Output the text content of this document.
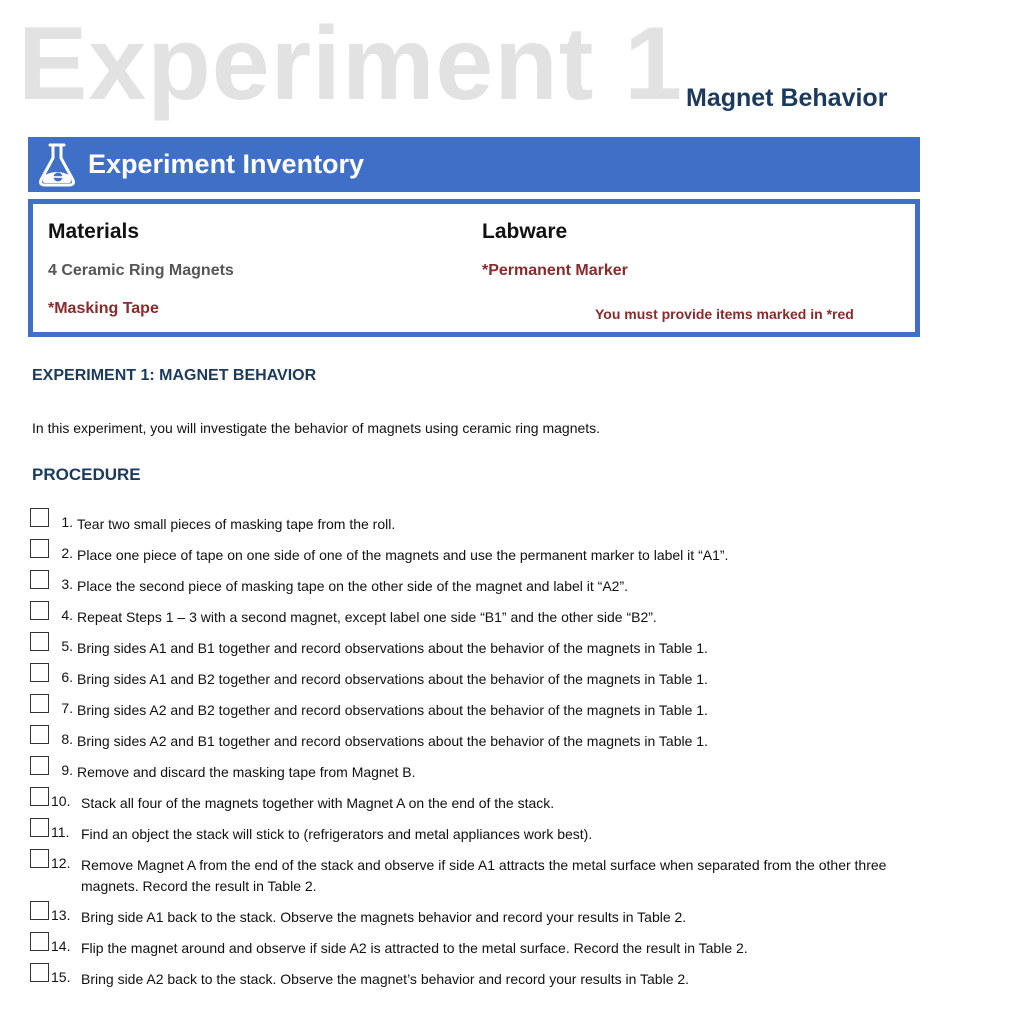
Experiment 1 Magnet Behavior
Experiment Inventory
Materials	Labware
4 Ceramic Ring Magnets
*Masking Tape
*Permanent Marker
You must provide items marked in *red
EXPERIMENT 1: MAGNET BEHAVIOR
In this experiment, you will investigate the behavior of magnets using ceramic ring magnets.
PROCEDURE
1. Tear two small pieces of masking tape from the roll.
2. Place one piece of tape on one side of one of the magnets and use the permanent marker to label it “A1”.
3. Place the second piece of masking tape on the other side of the magnet and label it “A2”.
4. Repeat Steps 1 – 3 with a second magnet, except label one side “B1” and the other side “B2”.
5. Bring sides A1 and B1 together and record observations about the behavior of the magnets in Table 1.
6. Bring sides A1 and B2 together and record observations about the behavior of the magnets in Table 1.
7. Bring sides A2 and B2 together and record observations about the behavior of the magnets in Table 1.
8. Bring sides A2 and B1 together and record observations about the behavior of the magnets in Table 1.
9. Remove and discard the masking tape from Magnet B.
10. Stack all four of the magnets together with Magnet A on the end of the stack.
11. Find an object the stack will stick to (refrigerators and metal appliances work best).
12. Remove Magnet A from the end of the stack and observe if side A1 attracts the metal surface when separated from the other three magnets. Record the result in Table 2.
13. Bring side A1 back to the stack. Observe the magnets behavior and record your results in Table 2.
14. Flip the magnet around and observe if side A2 is attracted to the metal surface. Record the result in Table 2.
15. Bring side A2 back to the stack. Observe the magnet’s behavior and record your results in Table 2.
